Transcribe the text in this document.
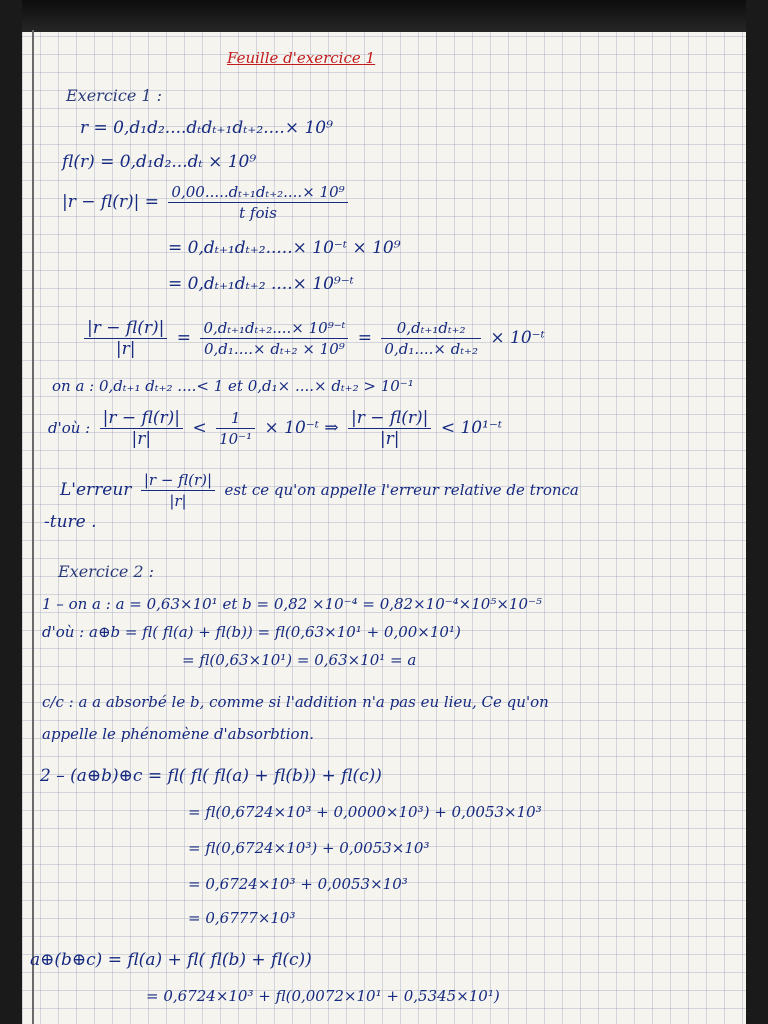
Feuille d'exercice 1
Exercice 1 :
r = 0,d₁d₂....dₜdₜ₊₁dₜ₊₂....× 10⁹
fl(r) = 0,d₁d₂...dₜ × 10⁹
$|r - fl(r)| = \frac{\text{0,00.....dₜ₊₁dₜ₊₂....× 10⁹}}{\text{t fois}}$
= 0,dₜ₊₁dₜ₊₂.....× 10⁻ᵗ × 10⁹
= 0,dₜ₊₁dₜ₊₂ ....× 10⁹⁻ᵗ
$\frac{|r - fl(r)|}{|r|} = \frac{\text{0,dₜ₊₁dₜ₊₂....× 10⁹⁻ᵗ}}{\text{0,d₁....× dₜ₊₂ × 10⁹}} = \frac{\text{0,dₜ₊₁dₜ₊₂}}{\text{0,d₁....× dₜ₊₂}}$ × 10⁻ᵗ
on a : 0,dₜ₊₁ dₜ₊₂ ....< 1 et 0,d₁× ....× dₜ₊₂ > 10⁻¹
d'où : $\frac{|r - fl(r)|}{|r|} < \frac{1}{\text{10⁻¹}}$ × 10⁻ᵗ ⇒ $\frac{|r - fl(r)|}{|r|}$ < 10¹⁻ᵗ
L'erreur $\frac{|r - fl(r)|}{|r|}$ est ce qu'on appelle l'erreur relative de tronca
-ture .
Exercice 2 :
1 – on a : a = 0,63×10¹ et b = 0,82 ×10⁻⁴ = 0,82×10⁻⁴×10⁵×10⁻⁵
d'où : a⊕b = fl( fl(a) + fl(b)) = fl(0,63×10¹ + 0,00×10¹)
= fl(0,63×10¹) = 0,63×10¹ = a
c/c : a a absorbé le b, comme si l'addition n'a pas eu lieu, Ce qu'on
appelle le phénomène d'absorbtion.
2 – (a⊕b)⊕c = fl( fl( fl(a) + fl(b)) + fl(c))
= fl(0,6724×10³ + 0,0000×10³) + 0,0053×10³
= fl(0,6724×10³) + 0,0053×10³
= 0,6724×10³ + 0,0053×10³
= 0,6777×10³
a⊕(b⊕c) = fl(a) + fl( fl(b) + fl(c))
= 0,6724×10³ + fl(0,0072×10¹ + 0,5345×10¹)
